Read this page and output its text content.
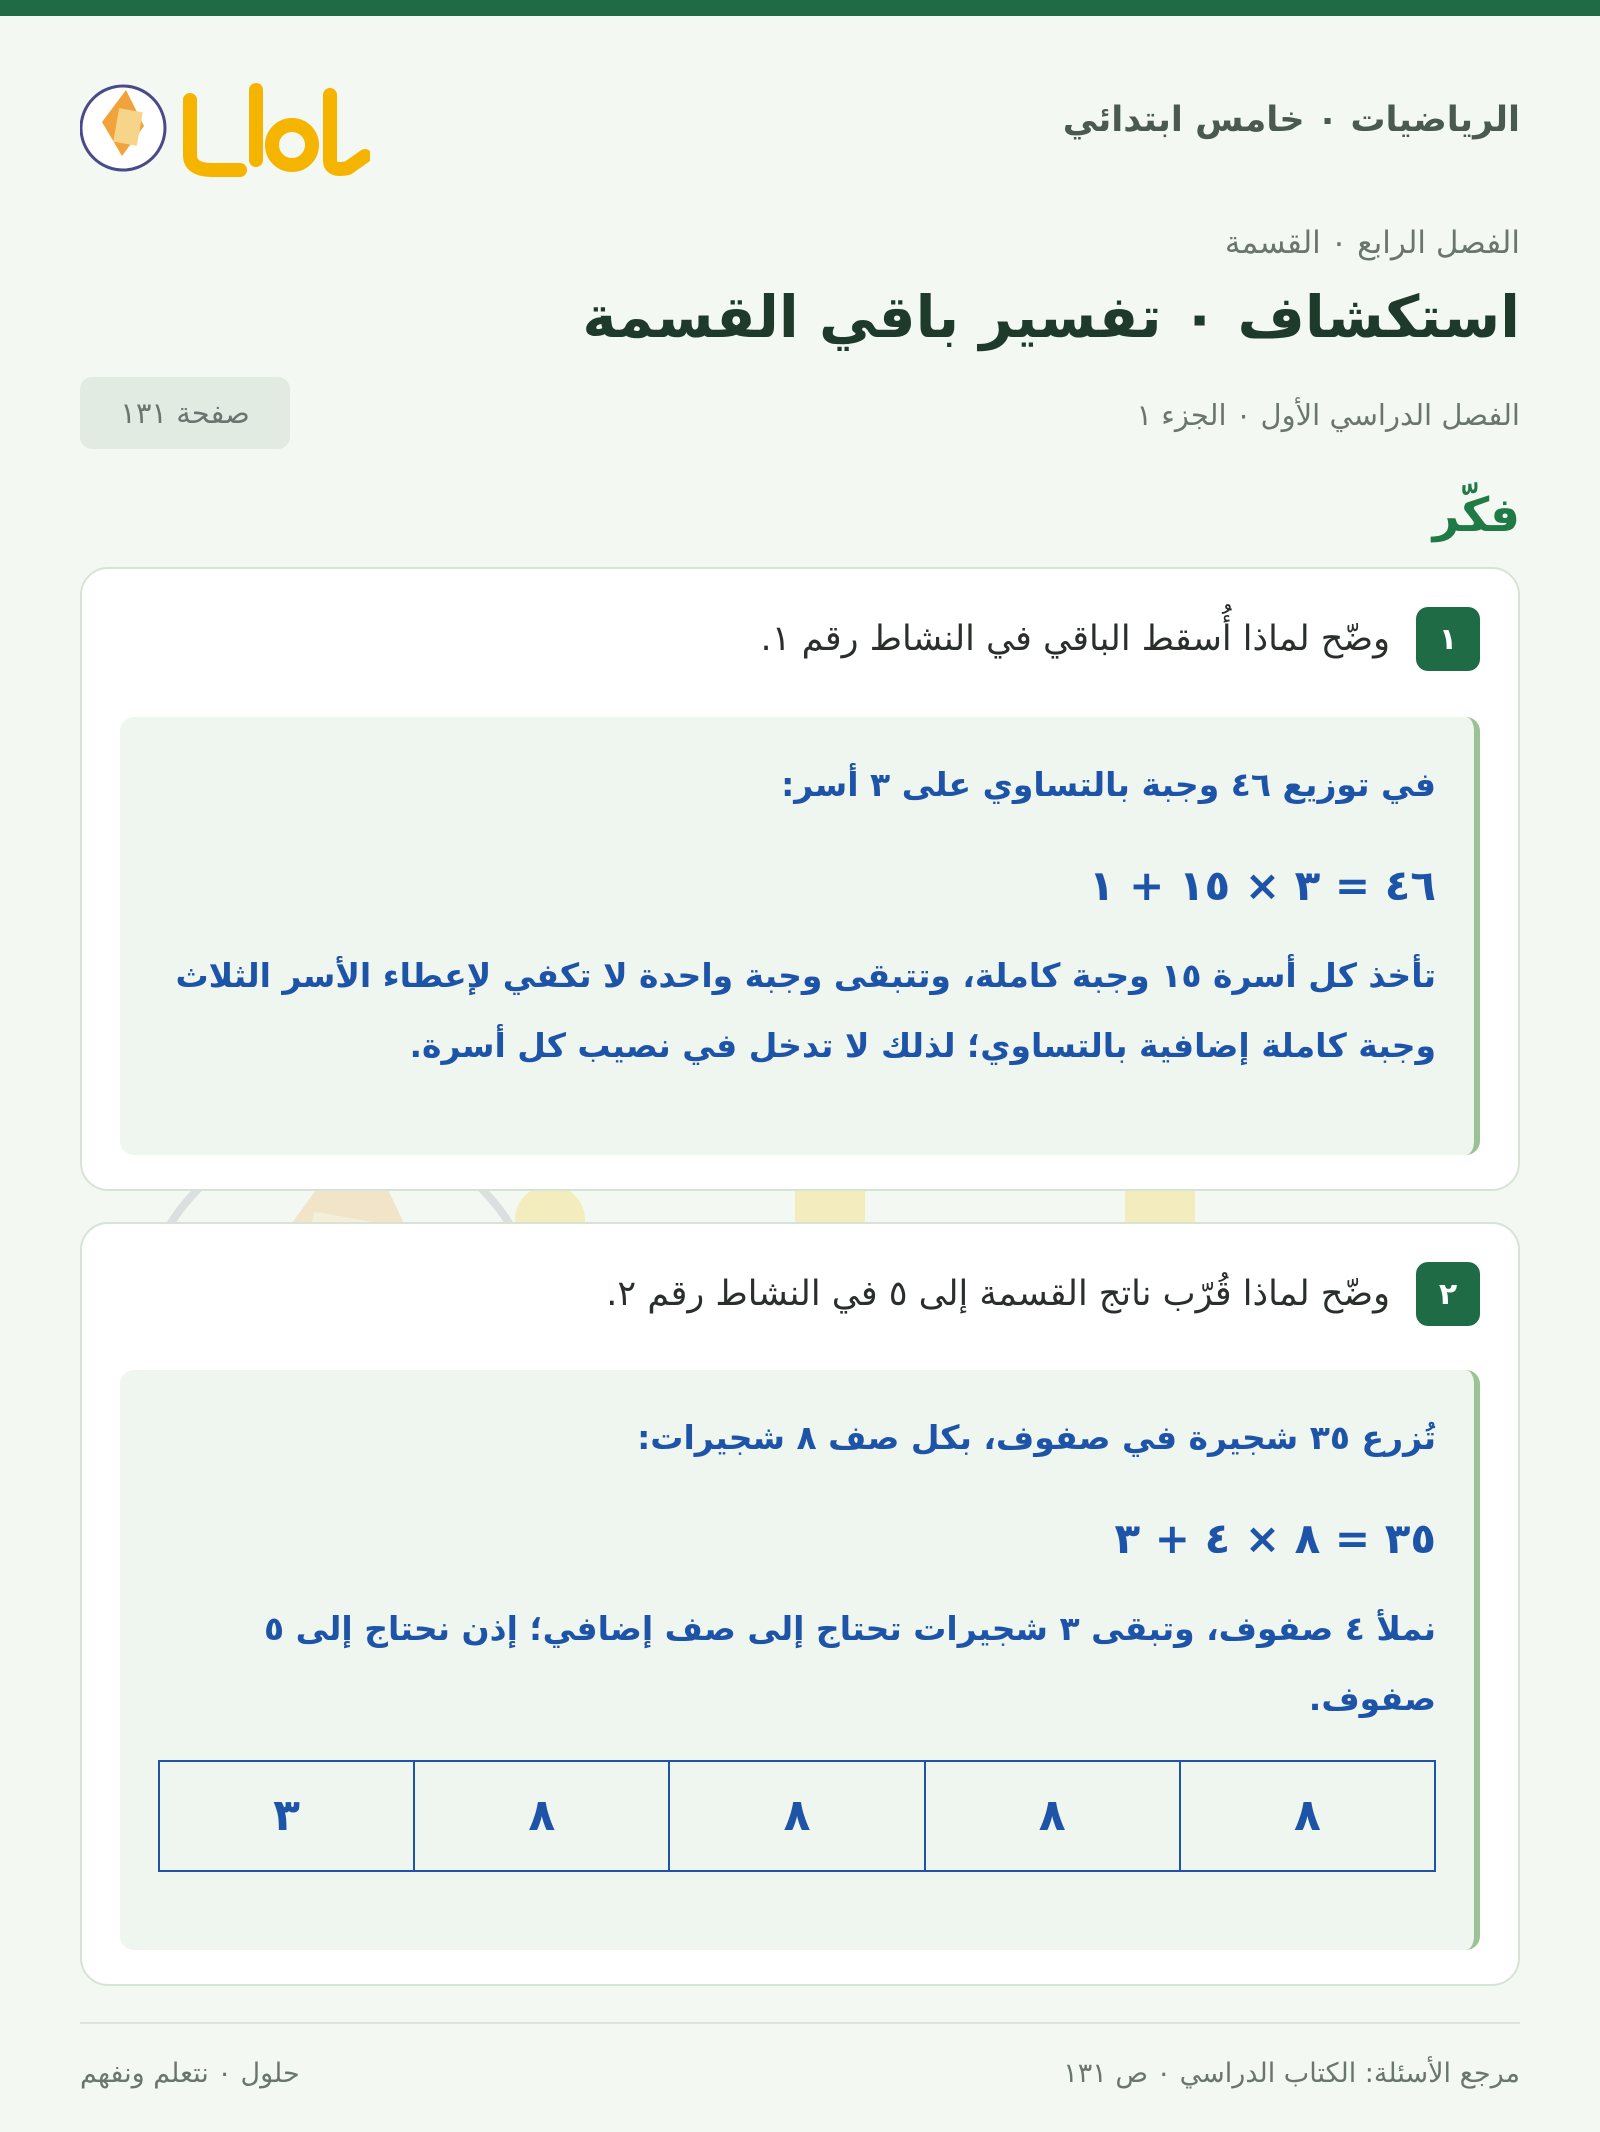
الرياضيات ٠ خامس ابتدائي
الفصل الرابع ٠ القسمة
استكشاف ٠ تفسير باقي القسمة
الفصل الدراسي الأول ٠ الجزء ١
صفحة ١٣١
فكّر
١
وضّح لماذا أُسقط الباقي في النشاط رقم ١.
في توزيع ٤٦ وجبة بالتساوي على ٣ أسر:
٤٦ = ٣ × ١٥ + ١
تأخذ كل أسرة ١٥ وجبة كاملة، وتتبقى وجبة واحدة لا تكفي لإعطاء الأسر الثلاث وجبة كاملة إضافية بالتساوي؛ لذلك لا تدخل في نصيب كل أسرة.
٢
وضّح لماذا قُرّب ناتج القسمة إلى ٥ في النشاط رقم ٢.
تُزرع ٣٥ شجيرة في صفوف، بكل صف ٨ شجيرات:
٣٥ = ٨ × ٤ + ٣
نملأ ٤ صفوف، وتبقى ٣ شجيرات تحتاج إلى صف إضافي؛ إذن نحتاج إلى ٥ صفوف.
٨
٨
٨
٨
٣
مرجع الأسئلة: الكتاب الدراسي ٠ ص ١٣١
حلول ٠ نتعلم ونفهم
